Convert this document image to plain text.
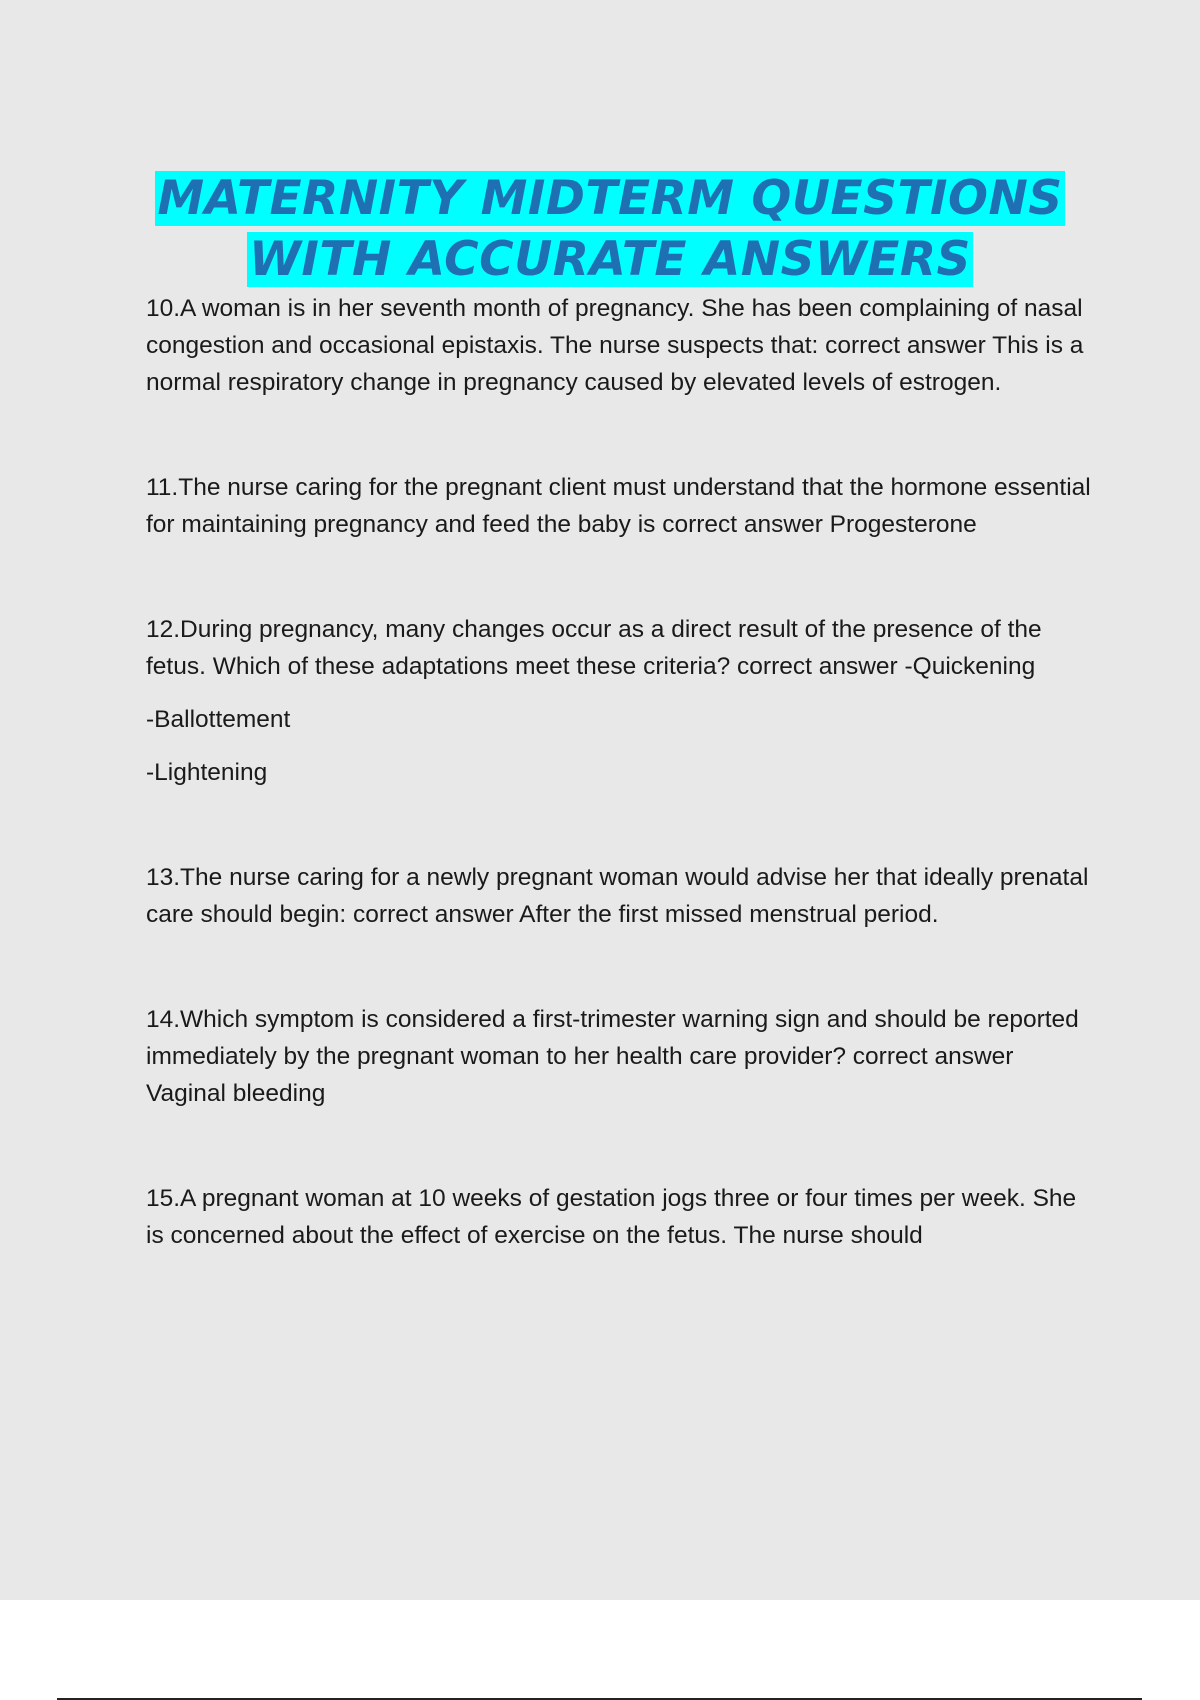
MATERNITY MIDTERM QUESTIONS
WITH ACCURATE ANSWERS

10.A woman is in her seventh month of pregnancy. She has been complaining of nasal congestion and occasional epistaxis. The nurse suspects that: correct answer This is a normal respiratory change in pregnancy caused by elevated levels of estrogen.

11.The nurse caring for the pregnant client must understand that the hormone essential for maintaining pregnancy and feed the baby is correct answer Progesterone

12.During pregnancy, many changes occur as a direct result of the presence of the fetus. Which of these adaptations meet these criteria? correct answer -Quickening

-Ballottement

-Lightening

13.The nurse caring for a newly pregnant woman would advise her that ideally prenatal care should begin: correct answer After the first missed menstrual period.

14.Which symptom is considered a first-trimester warning sign and should be reported immediately by the pregnant woman to her health care provider? correct answer Vaginal bleeding

15.A pregnant woman at 10 weeks of gestation jogs three or four times per week. She is concerned about the effect of exercise on the fetus. The nurse should
